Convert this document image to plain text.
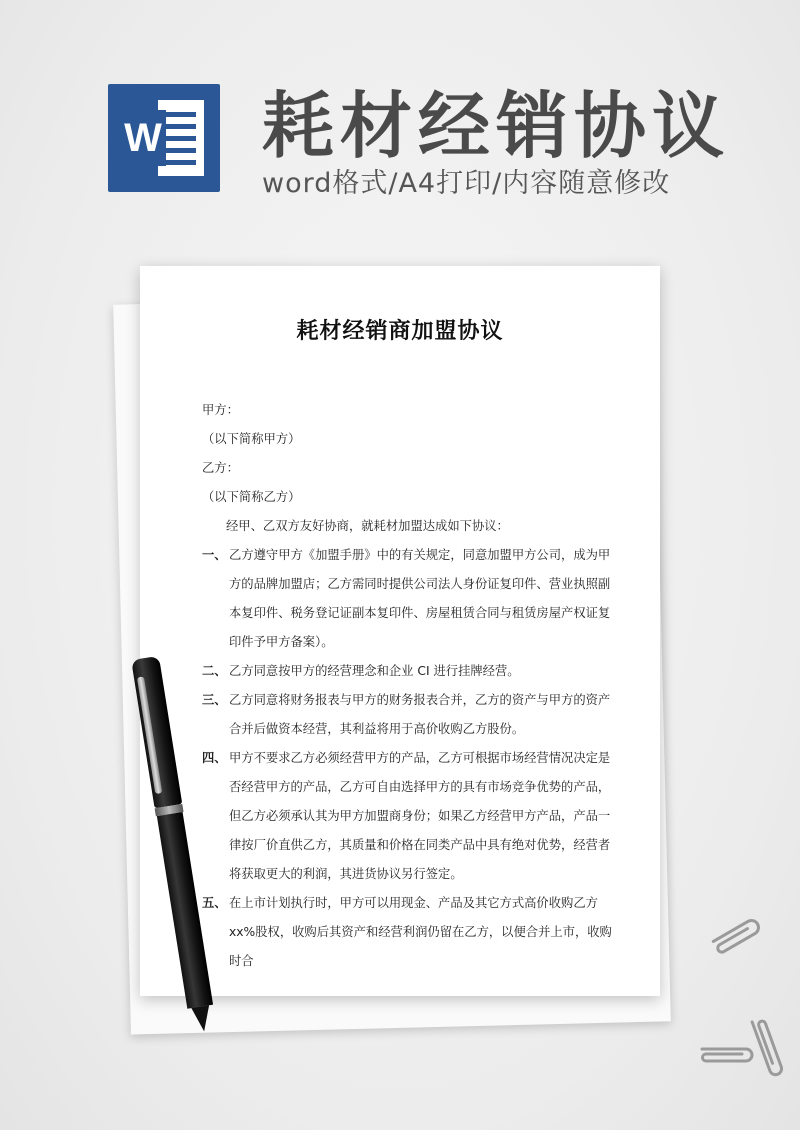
W 耗材经销协议
word格式/A4打印/内容随意修改
耗材经销商加盟协议

甲方：

（以下简称甲方）

乙方：

（以下简称乙方）

经甲、乙双方友好协商，就耗材加盟达成如下协议：

一、 乙方遵守甲方《加盟手册》中的有关规定，同意加盟甲方公司，成为甲方的品牌加盟店；乙方需同时提供公司法人身份证复印件、营业执照副本复印件、税务登记证副本复印件、房屋租赁合同与租赁房屋产权证复印件予甲方备案）。
二、 乙方同意按甲方的经营理念和企业 CI 进行挂牌经营。
三、 乙方同意将财务报表与甲方的财务报表合并，乙方的资产与甲方的资产合并后做资本经营，其利益将用于高价收购乙方股份。
四、 甲方不要求乙方必须经营甲方的产品，乙方可根据市场经营情况决定是否经营甲方的产品，乙方可自由选择甲方的具有市场竞争优势的产品，但乙方必须承认其为甲方加盟商身份；如果乙方经营甲方产品，产品一律按厂价直供乙方，其质量和价格在同类产品中具有绝对优势，经营者将获取更大的利润，其进货协议另行签定。
五、 在上市计划执行时，甲方可以用现金、产品及其它方式高价收购乙方 xx%股权，收购后其资产和经营利润仍留在乙方，以便合并上市，收购时合
